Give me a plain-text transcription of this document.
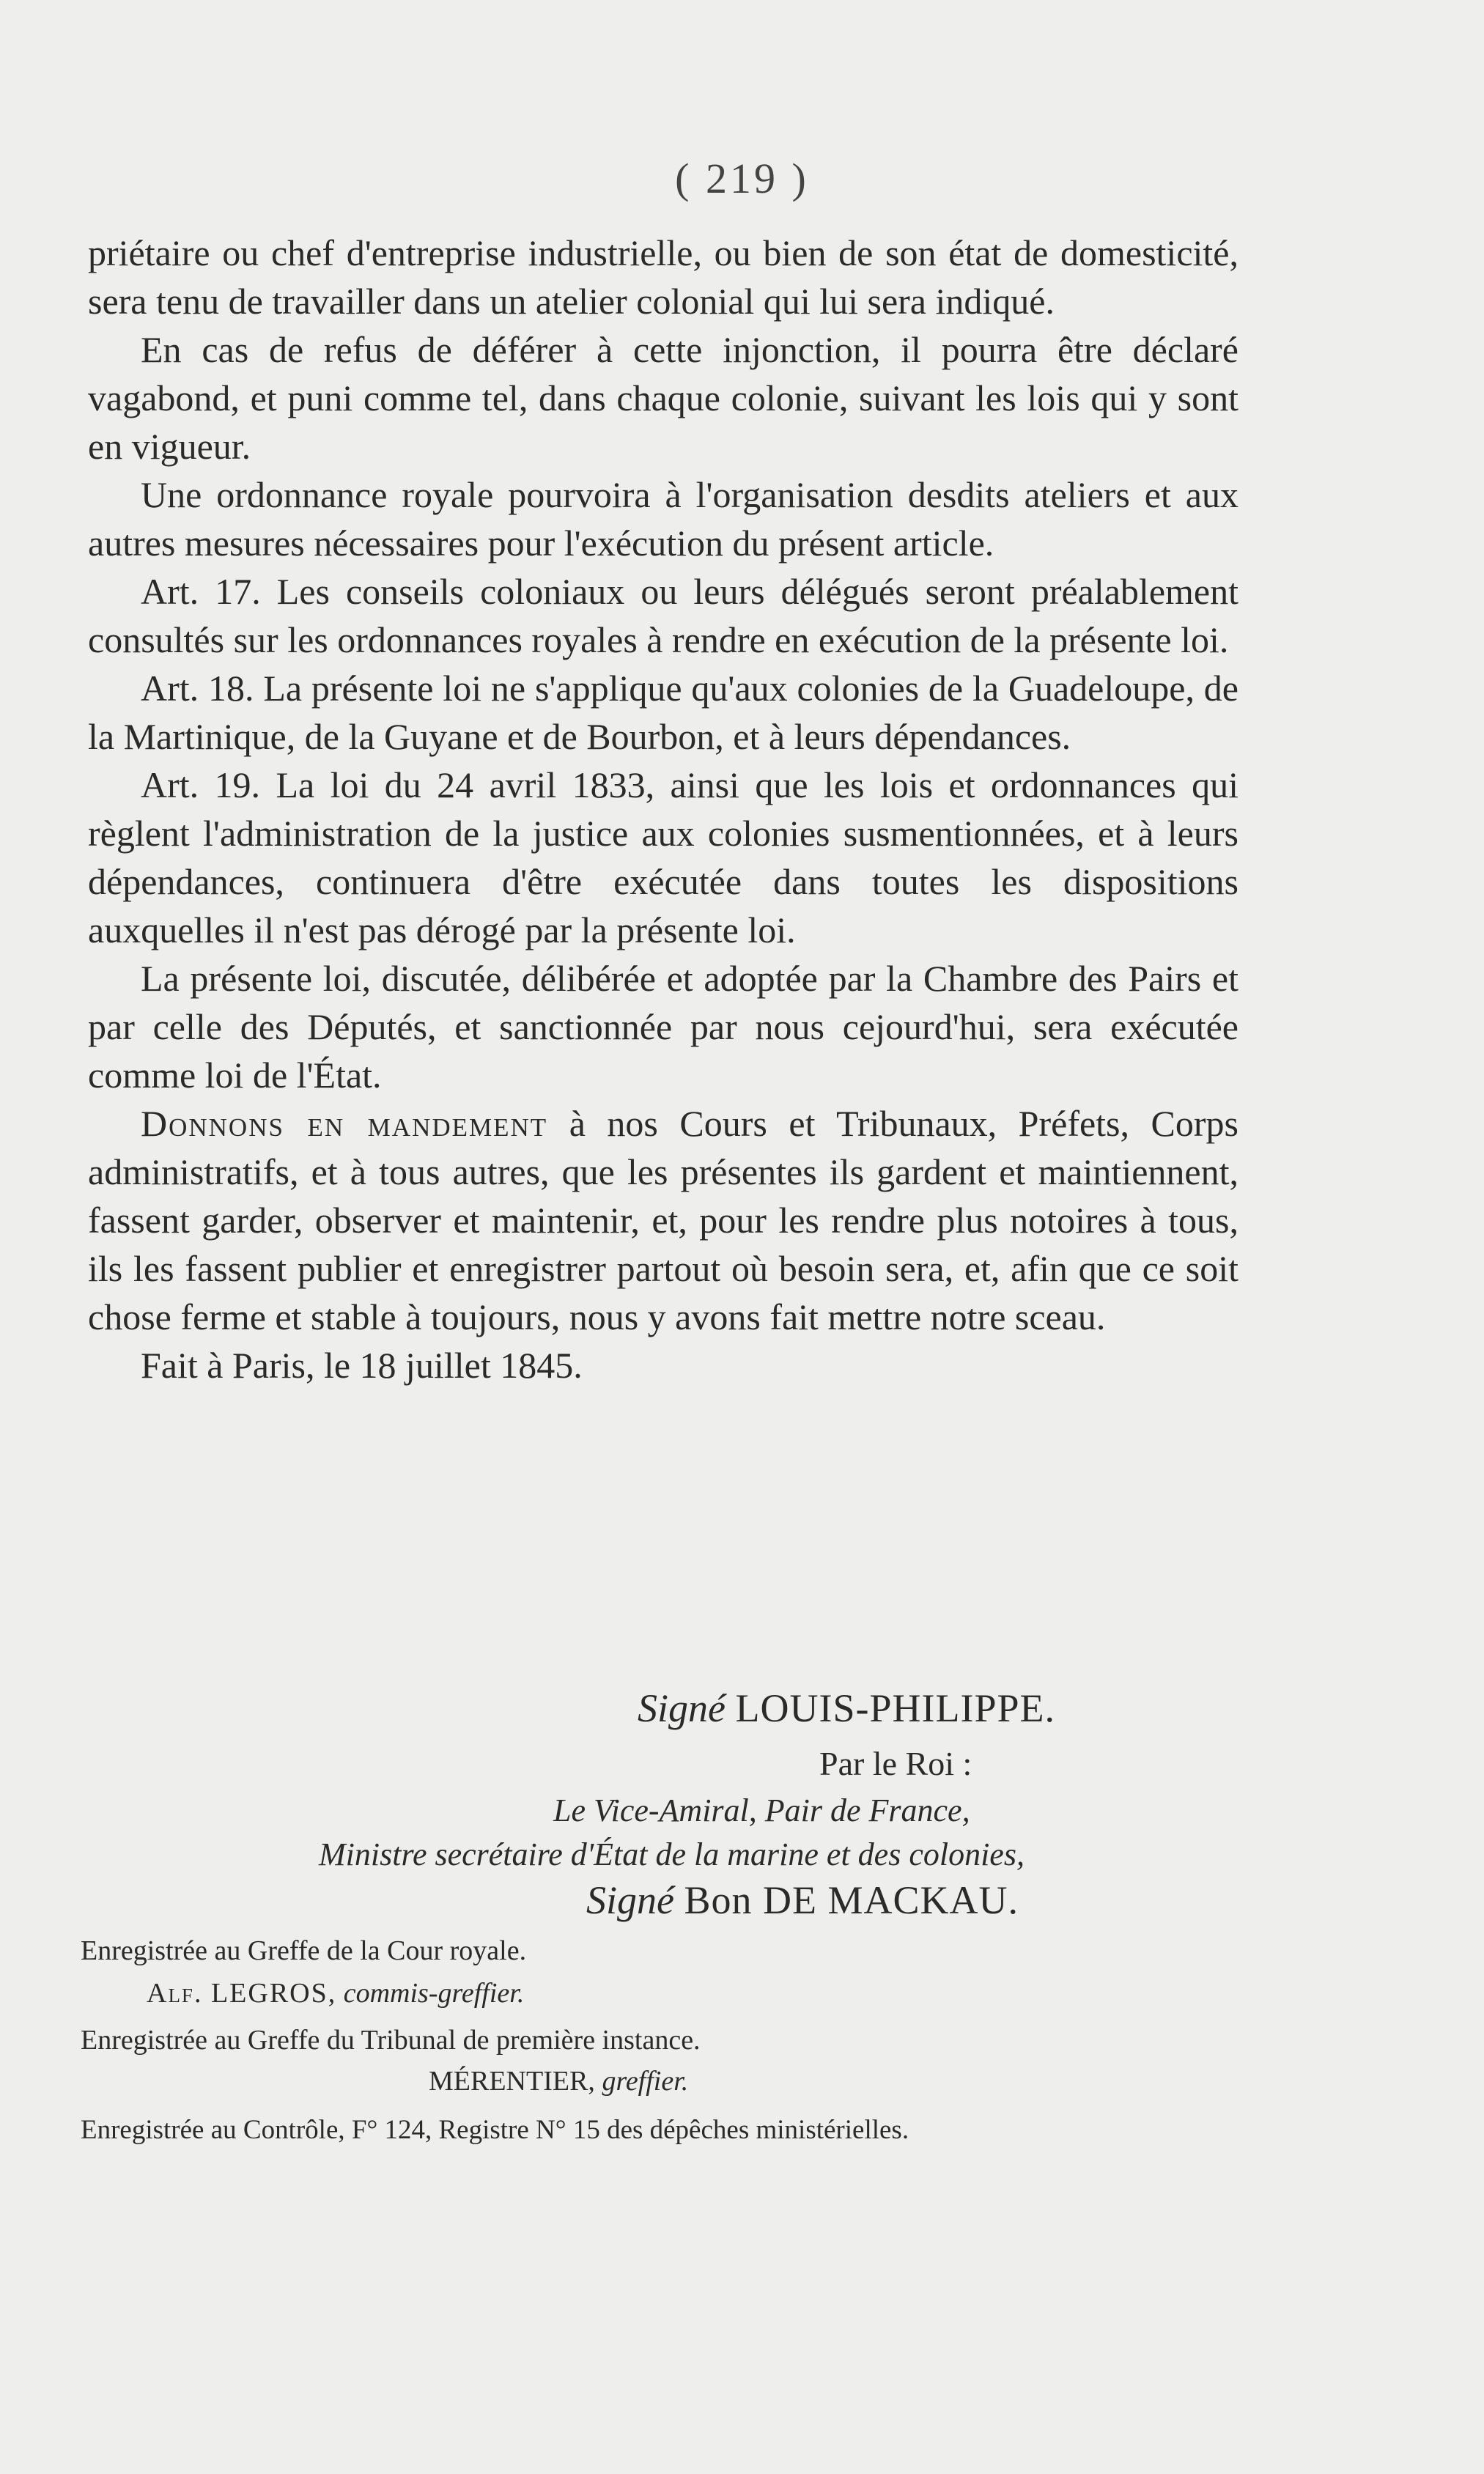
( 219 )

priétaire ou chef d'entreprise industrielle, ou bien de son état de domesticité, sera tenu de travailler dans un atelier colonial qui lui sera indiqué.

En cas de refus de déférer à cette injonction, il pourra être déclaré vagabond, et puni comme tel, dans chaque colonie, suivant les lois qui y sont en vigueur.

Une ordonnance royale pourvoira à l'organisation desdits ateliers et aux autres mesures nécessaires pour l'exécution du présent article.

Art. 17. Les conseils coloniaux ou leurs délégués seront préalablement consultés sur les ordonnances royales à rendre en exécution de la présente loi.

Art. 18. La présente loi ne s'applique qu'aux colonies de la Guadeloupe, de la Martinique, de la Guyane et de Bourbon, et à leurs dépendances.

Art. 19. La loi du 24 avril 1833, ainsi que les lois et ordonnances qui règlent l'administration de la justice aux colonies susmentionnées, et à leurs dépendances, continuera d'être exécutée dans toutes les dispositions auxquelles il n'est pas dérogé par la présente loi.

La présente loi, discutée, délibérée et adoptée par la Chambre des Pairs et par celle des Députés, et sanctionnée par nous cejourd'hui, sera exécutée comme loi de l'État.

Donnons en mandement à nos Cours et Tribunaux, Préfets, Corps administratifs, et à tous autres, que les présentes ils gardent et maintiennent, fassent garder, observer et maintenir, et, pour les rendre plus notoires à tous, ils les fassent publier et enregistrer partout où besoin sera, et, afin que ce soit chose ferme et stable à toujours, nous y avons fait mettre notre sceau.

Fait à Paris, le 18 juillet 1845.

Signé LOUIS-PHILIPPE.
Par le Roi :
Le Vice-Amiral, Pair de France,
Ministre secrétaire d'État de la marine et des colonies,
Signé Bon DE MACKAU.
Enregistrée au Greffe de la Cour royale.
Alf. LEGROS, commis-greffier.
Enregistrée au Greffe du Tribunal de première instance.
MÉRENTIER, greffier.
Enregistrée au Contrôle, F° 124, Registre N° 15 des dépêches ministérielles.
